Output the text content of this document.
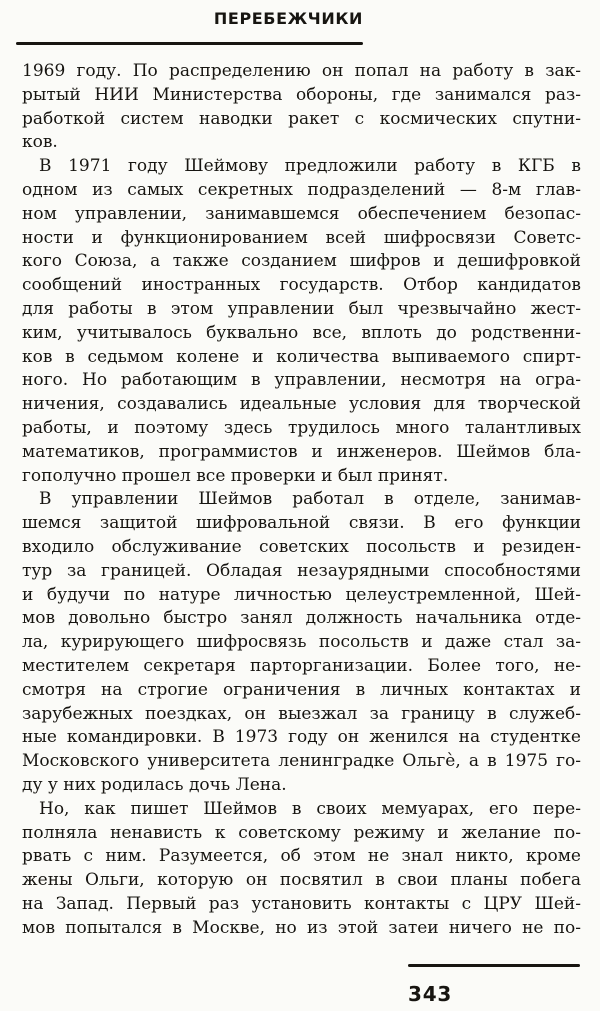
ПЕРЕБЕЖЧИКИ

1969 году. По распределению он попал на работу в зак-
рытый НИИ Министерства обороны, где занимался раз-
работкой систем наводки ракет с космических спутни-
ков.

В 1971 году Шеймову предложили работу в КГБ в
одном из самых секретных подразделений — 8-м глав-
ном управлении, занимавшемся обеспечением безопас-
ности и функционированием всей шифросвязи Советс-
кого Союза, а также созданием шифров и дешифровкой
сообщений иностранных государств. Отбор кандидатов
для работы в этом управлении был чрезвычайно жест-
ким, учитывалось буквально все, вплоть до родственни-
ков в седьмом колене и количества выпиваемого спирт-
ного. Но работающим в управлении, несмотря на огра-
ничения, создавались идеальные условия для творческой
работы, и поэтому здесь трудилось много талантливых
математиков, программистов и инженеров. Шеймов бла-
гополучно прошел все проверки и был принят.

В управлении Шеймов работал в отделе, занимав-
шемся защитой шифровальной связи. В его функции
входило обслуживание советских посольств и резиден-
тур за границей. Обладая незаурядными способностями
и будучи по натуре личностью целеустремленной, Шей-
мов довольно быстро занял должность начальника отде-
ла, курирующего шифросвязь посольств и даже стал за-
местителем секретаря парторганизации. Более того, не-
смотря на строгие ограничения в личных контактах и
зарубежных поездках, он выезжал за границу в служеб-
ные командировки. В 1973 году он женился на студентке
Московского университета ленинградке Ольгѐ, а в 1975 го-
ду у них родилась дочь Лена.

Но, как пишет Шеймов в своих мемуарах, его пере-
полняла ненависть к советскому режиму и желание по-
рвать с ним. Разумеется, об этом не знал никто, кроме
жены Ольги, которую он посвятил в свои планы побега
на Запад. Первый раз установить контакты с ЦРУ Шей-
мов попытался в Москве, но из этой затеи ничего не по-

343
